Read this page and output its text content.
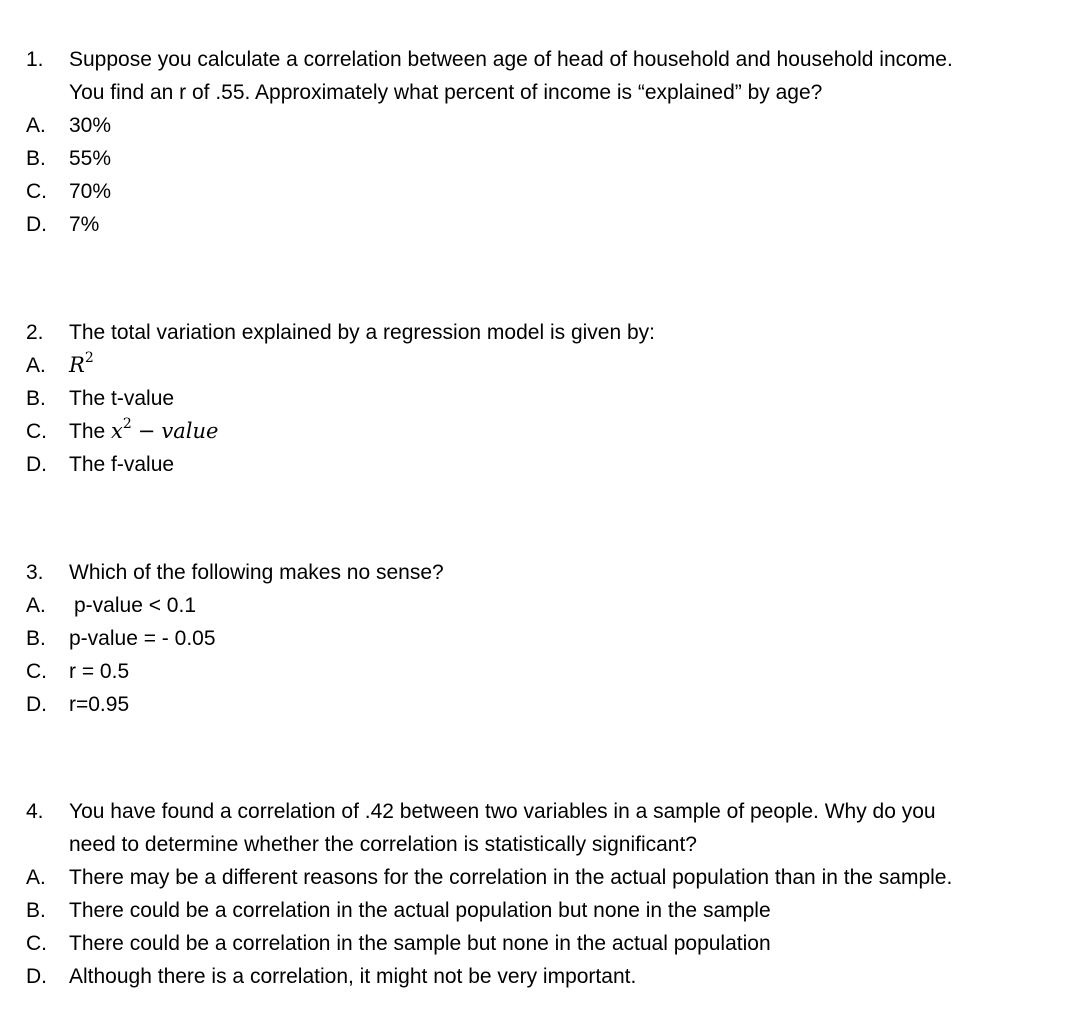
1. Suppose you calculate a correlation between age of head of household and household income.
You find an r of .55. Approximately what percent of income is “explained” by age?
A. 30%
B. 55%
C. 70%
D. 7%
2. The total variation explained by a regression model is given by:
A. $R^2$
B. The t-value
C. The $x^2$ − value
D. The f-value
3. Which of the following makes no sense?
A. p-value < 0.1
B. p-value = - 0.05
C. r = 0.5
D. r=0.95
4. You have found a correlation of .42 between two variables in a sample of people. Why do you
need to determine whether the correlation is statistically significant?
A. There may be a different reasons for the correlation in the actual population than in the sample.
B. There could be a correlation in the actual population but none in the sample
C. There could be a correlation in the sample but none in the actual population
D. Although there is a correlation, it might not be very important.
